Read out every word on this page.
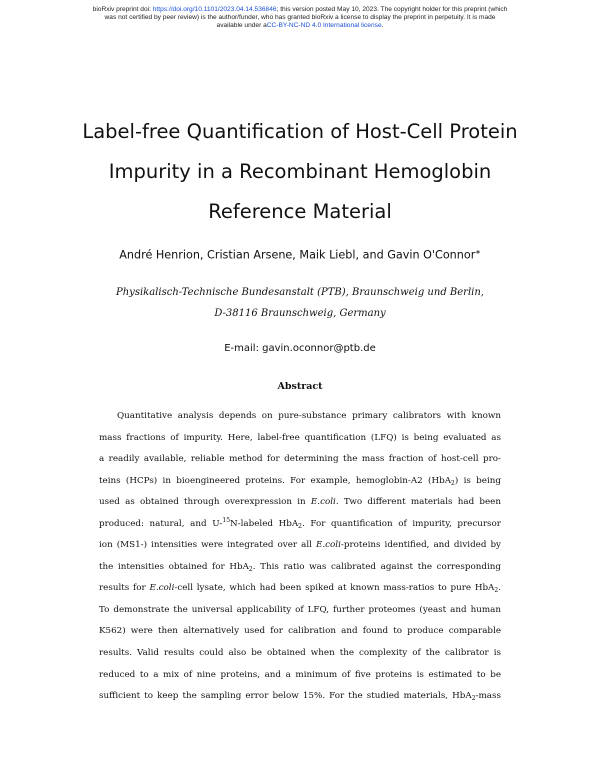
bioRxiv preprint doi: https://doi.org/10.1101/2023.04.14.536846; this version posted May 10, 2023. The copyright holder for this preprint (which
was not certified by peer review) is the author/funder, who has granted bioRxiv a license to display the preprint in perpetuity. It is made
available under aCC-BY-NC-ND 4.0 International license.
Label-free Quantification of Host-Cell Protein
Impurity in a Recombinant Hemoglobin
Reference Material
André Henrion, Cristian Arsene, Maik Liebl, and Gavin O'Connor∗
Physikalisch-Technische Bundesanstalt (PTB), Braunschweig und Berlin,
D-38116 Braunschweig, Germany
E-mail: gavin.oconnor@ptb.de
Abstract
Quantitative analysis depends on pure-substance primary calibrators with known
mass fractions of impurity. Here, label-free quantification (LFQ) is being evaluated as
a readily available, reliable method for determining the mass fraction of host-cell pro-
teins (HCPs) in bioengineered proteins. For example, hemoglobin-A2 (HbA$_2$) is being
used as obtained through overexpression in E.coli. Two different materials had been
produced: natural, and U-$^{15}$N-labeled HbA$_2$. For quantification of impurity, precursor
ion (MS1-) intensities were integrated over all E.coli-proteins identified, and divided by
the intensities obtained for HbA$_2$. This ratio was calibrated against the corresponding
results for E.coli-cell lysate, which had been spiked at known mass-ratios to pure HbA$_2$.
To demonstrate the universal applicability of LFQ, further proteomes (yeast and human
K562) were then alternatively used for calibration and found to produce comparable
results. Valid results could also be obtained when the complexity of the calibrator is
reduced to a mix of nine proteins, and a minimum of five proteins is estimated to be
sufficient to keep the sampling error below 15%. For the studied materials, HbA$_2$-mass
